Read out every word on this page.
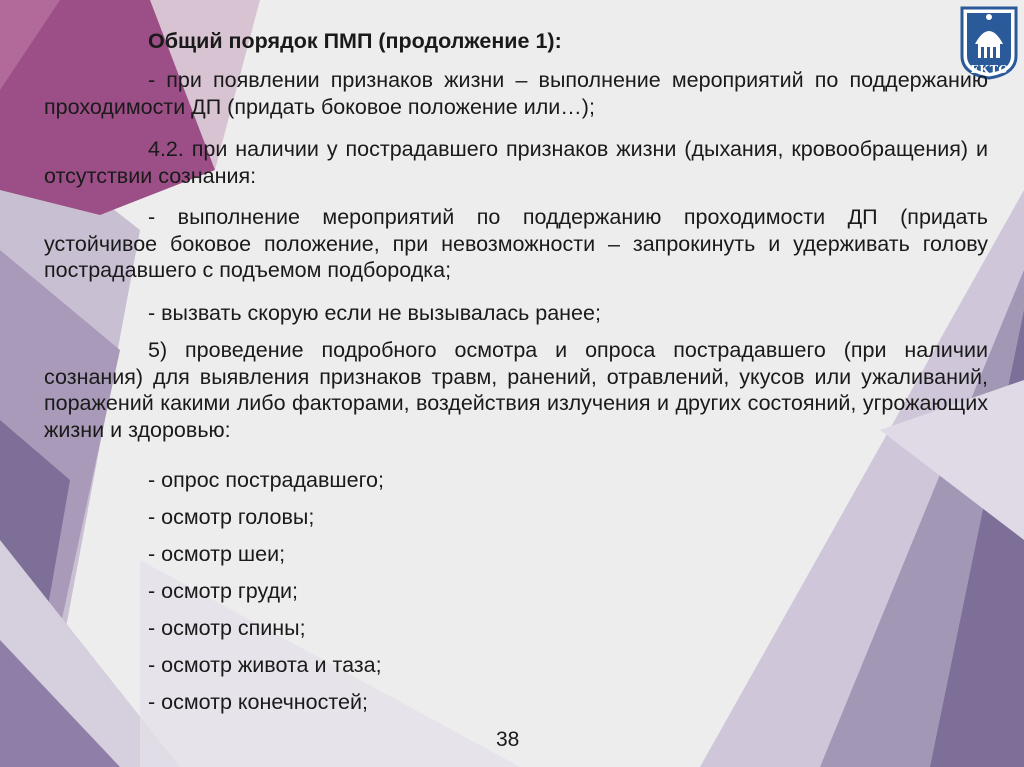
ЕКТС

Общий порядок ПМП (продолжение 1):

- при появлении признаков жизни – выполнение мероприятий по поддержанию проходимости ДП (придать боковое положение или…);

4.2. при наличии у пострадавшего признаков жизни (дыхания, кровообращения) и отсутствии сознания:

- выполнение мероприятий по поддержанию проходимости ДП (придать устойчивое боковое положение, при невозможности – запрокинуть и удерживать голову пострадавшего с подъемом подбородка;

- вызвать скорую если не вызывалась ранее;

5) проведение подробного осмотра и опроса пострадавшего (при наличии сознания) для выявления признаков травм, ранений, отравлений, укусов или ужаливаний, поражений какими либо факторами, воздействия излучения и других состояний, угрожающих жизни и здоровью:

- опрос пострадавшего;

- осмотр головы;

- осмотр шеи;

- осмотр груди;

- осмотр спины;

- осмотр живота и таза;

- осмотр конечностей;

38
